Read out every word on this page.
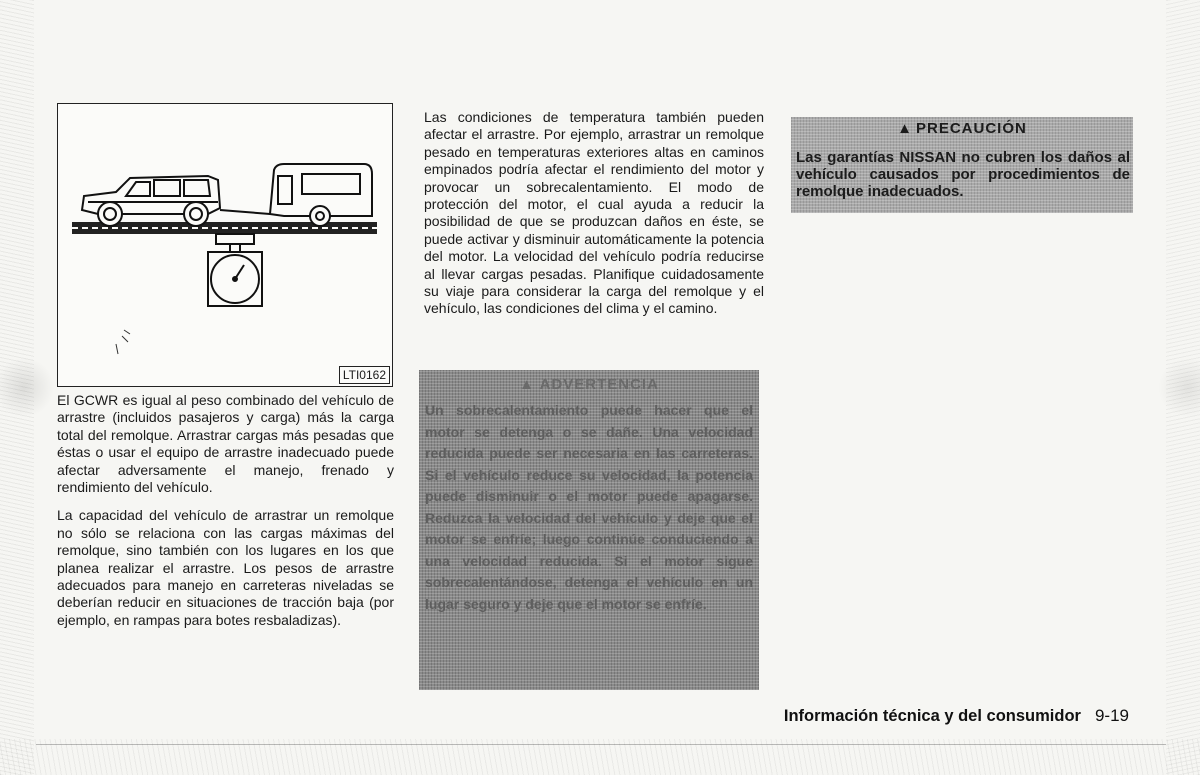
LTI0162

El GCWR es igual al peso combinado del vehículo de arrastre (incluidos pasajeros y carga) más la carga total del remolque. Arrastrar cargas más pesadas que éstas o usar el equipo de arrastre inadecuado puede afectar adversamente el manejo, frenado y rendimiento del vehículo.

La capacidad del vehículo de arrastrar un remolque no sólo se relaciona con las cargas máximas del remolque, sino también con los lugares en los que planea realizar el arrastre. Los pesos de arrastre adecuados para manejo en carreteras niveladas se deberían reducir en situaciones de tracción baja (por ejemplo, en rampas para botes resbaladizas).

Las condiciones de temperatura también pueden afectar el arrastre. Por ejemplo, arrastrar un remolque pesado en temperaturas exteriores altas en caminos empinados podría afectar el rendimiento del motor y provocar un sobrecalentamiento. El modo de protección del motor, el cual ayuda a reducir la posibilidad de que se produzcan daños en éste, se puede activar y disminuir automáticamente la potencia del motor. La velocidad del vehículo podría reducirse al llevar cargas pesadas. Planifique cuidadosamente su viaje para considerar la carga del remolque y el vehículo, las condiciones del clima y el camino.

▲ ADVERTENCIA
Un sobrecalentamiento puede hacer que el motor se detenga o se dañe. Una velocidad reducida puede ser necesaria en las carreteras. Si el vehículo reduce su velocidad, la potencia puede disminuir o el motor puede apagarse. Reduzca la velocidad del vehículo y deje que el motor se enfríe; luego continúe conduciendo a una velocidad reducida. Si el motor sigue sobrecalentándose, detenga el vehículo en un lugar seguro y deje que el motor se enfríe.
▲ PRECAUCIÓN
Las garantías NISSAN no cubren los daños al vehículo causados por procedimientos de remolque inadecuados.
Información técnica y del consumidor 9-19
